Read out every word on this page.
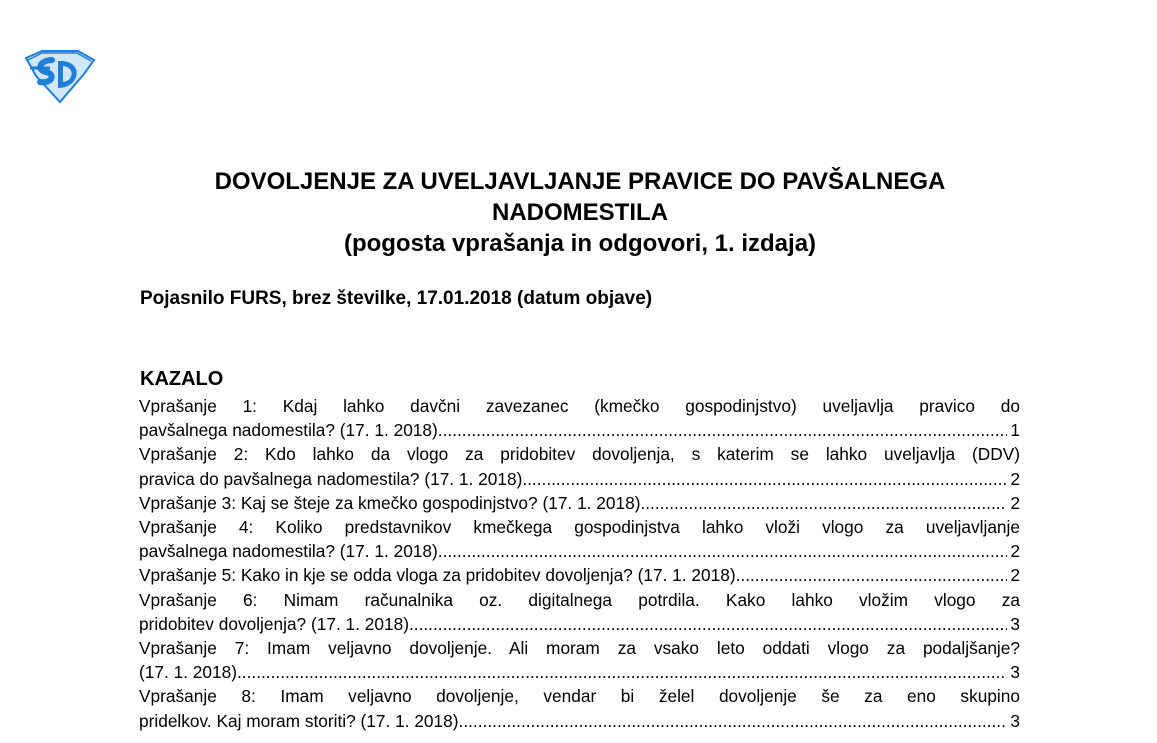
DOVOLJENJE ZA UVELJAVLJANJE PRAVICE DO PAVŠALNEGA
NADOMESTILA
(pogosta vprašanja in odgovori, 1. izdaja)
Pojasnilo FURS, brez številke, 17.01.2018 (datum objave)
KAZALO
Vprašanje 1: Kdaj lahko davčni zavezanec (kmečko gospodinjstvo) uveljavlja pravico do
pavšalnega nadomestila? (17. 1. 2018) .....	1
Vprašanje 2: Kdo lahko da vlogo za pridobitev dovoljenja, s katerim se lahko uveljavlja (DDV)
pravica do pavšalnega nadomestila? (17. 1. 2018) .....	2
Vprašanje 3: Kaj se šteje za kmečko gospodinjstvo? (17. 1. 2018) .....	2
Vprašanje 4: Koliko predstavnikov kmečkega gospodinjstva lahko vloži vlogo za uveljavljanje
pavšalnega nadomestila? (17. 1. 2018) .....	2
Vprašanje 5: Kako in kje se odda vloga za pridobitev dovoljenja? (17. 1. 2018) .....	2
Vprašanje 6: Nimam računalnika oz. digitalnega potrdila. Kako lahko vložim vlogo za
pridobitev dovoljenja? (17. 1. 2018) .....	3
Vprašanje 7: Imam veljavno dovoljenje. Ali moram za vsako leto oddati vlogo za podaljšanje?
(17. 1. 2018) .....	3
Vprašanje 8: Imam veljavno dovoljenje, vendar bi želel dovoljenje še za eno skupino
pridelkov. Kaj moram storiti? (17. 1. 2018) .....	3
